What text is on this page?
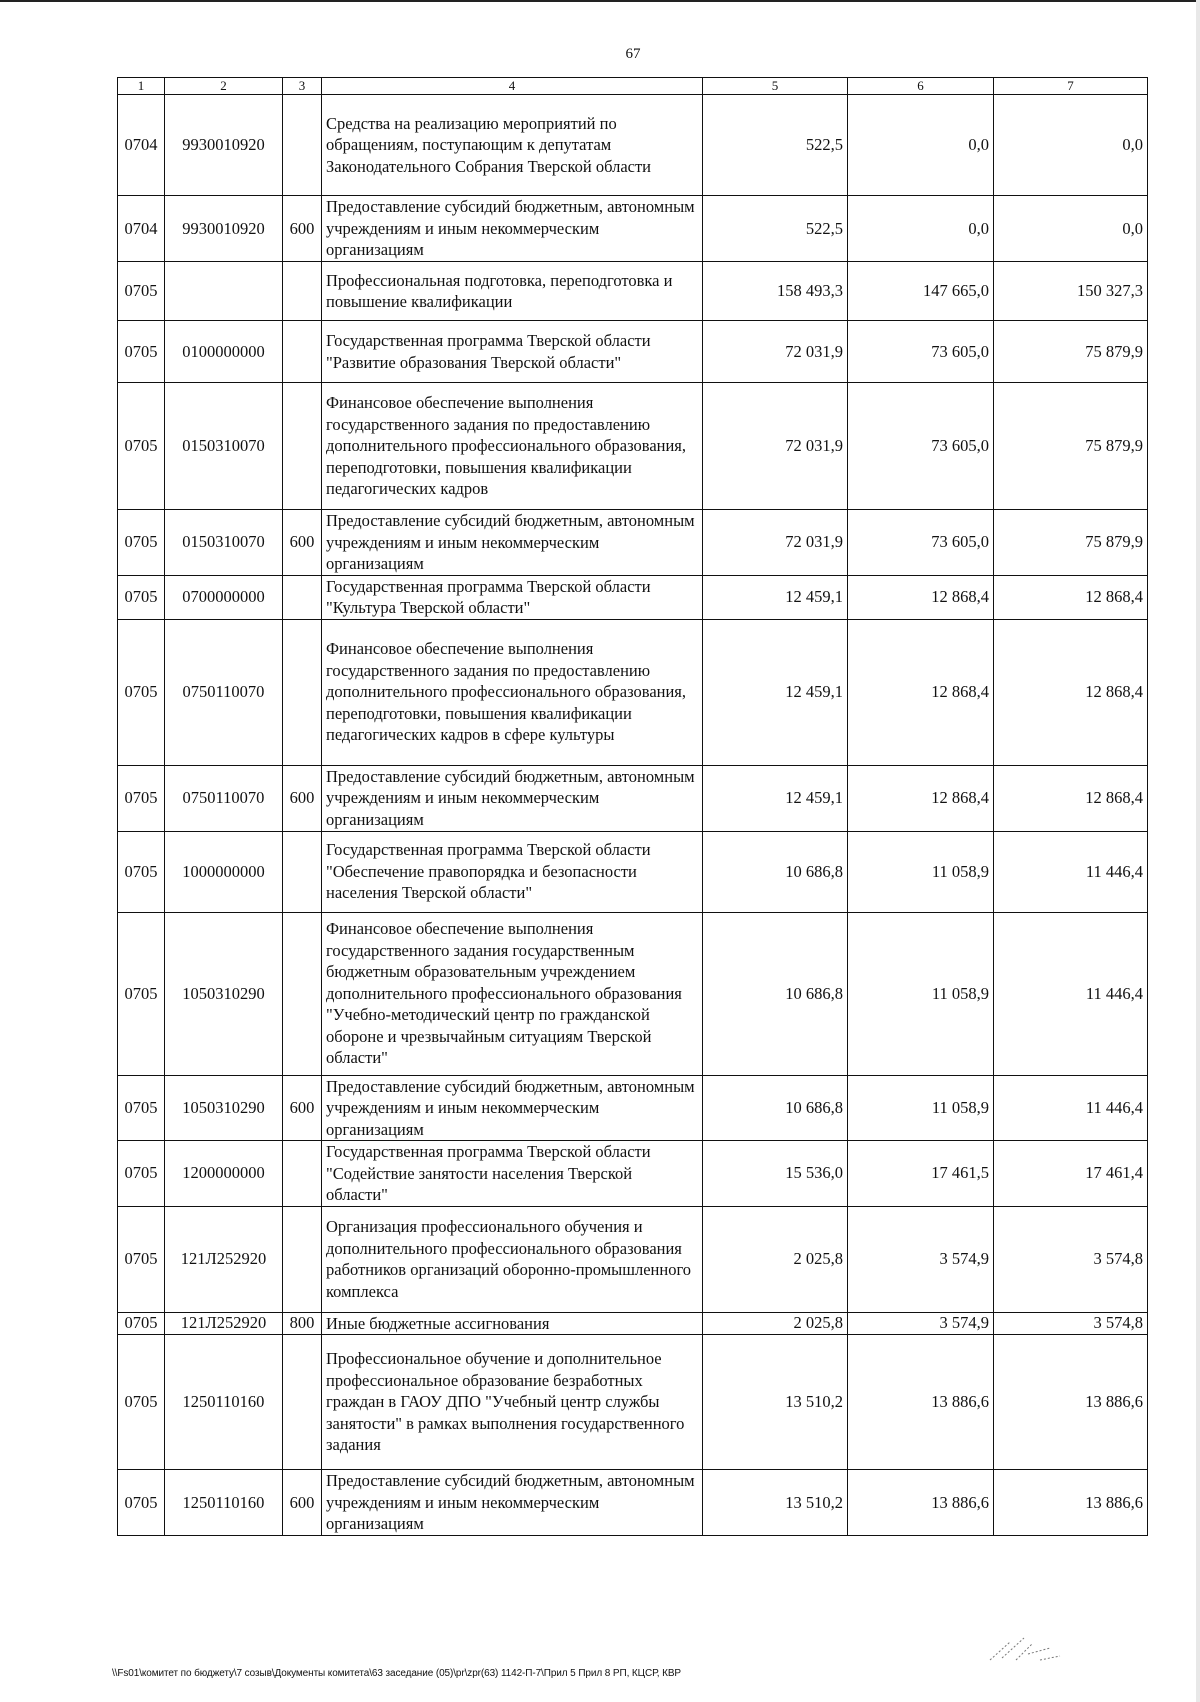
67
1	2	3	4	5	6	7
0704	9930010920		Средства на реализацию мероприятий по обращениям, поступающим к депутатам Законодательного Собрания Тверской области	522,5	0,0	0,0
0704	9930010920	600	Предоставление субсидий бюджетным, автономным учреждениям и иным некоммерческим организациям	522,5	0,0	0,0
0705			Профессиональная подготовка, переподготовка и повышение квалификации	158 493,3	147 665,0	150 327,3
0705	0100000000		Государственная программа Тверской области "Развитие образования Тверской области"	72 031,9	73 605,0	75 879,9
0705	0150310070		Финансовое обеспечение выполнения государственного задания по предоставлению дополнительного профессионального образования, переподготовки, повышения квалификации педагогических кадров	72 031,9	73 605,0	75 879,9
0705	0150310070	600	Предоставление субсидий бюджетным, автономным учреждениям и иным некоммерческим организациям	72 031,9	73 605,0	75 879,9
0705	0700000000		Государственная программа Тверской области "Культура Тверской области"	12 459,1	12 868,4	12 868,4
0705	0750110070		Финансовое обеспечение выполнения государственного задания по предоставлению дополнительного профессионального образования, переподготовки, повышения квалификации педагогических кадров в сфере культуры	12 459,1	12 868,4	12 868,4
0705	0750110070	600	Предоставление субсидий бюджетным, автономным учреждениям и иным некоммерческим организациям	12 459,1	12 868,4	12 868,4
0705	1000000000		Государственная программа Тверской области "Обеспечение правопорядка и безопасности населения Тверской области"	10 686,8	11 058,9	11 446,4
0705	1050310290		Финансовое обеспечение выполнения государственного задания государственным бюджетным образовательным учреждением дополнительного профессионального образования "Учебно-методический центр по гражданской обороне и чрезвычайным ситуациям Тверской области"	10 686,8	11 058,9	11 446,4
0705	1050310290	600	Предоставление субсидий бюджетным, автономным учреждениям и иным некоммерческим организациям	10 686,8	11 058,9	11 446,4
0705	1200000000		Государственная программа Тверской области "Содействие занятости населения Тверской области"	15 536,0	17 461,5	17 461,4
0705	121Л252920		Организация профессионального обучения и дополнительного профессионального образования работников организаций оборонно-промышленного комплекса	2 025,8	3 574,9	3 574,8
0705	121Л252920	800	Иные бюджетные ассигнования	2 025,8	3 574,9	3 574,8
0705	1250110160		Профессиональное обучение и дополнительное профессиональное образование безработных граждан в ГАОУ ДПО "Учебный центр службы занятости" в рамках выполнения государственного задания	13 510,2	13 886,6	13 886,6
0705	1250110160	600	Предоставление субсидий бюджетным, автономным учреждениям и иным некоммерческим организациям	13 510,2	13 886,6	13 886,6
\\Fs01\комитет по бюджету\7 созыв\Документы комитета\63 заседание (05)\pr\zpr(63) 1142-П-7\Прил 5 Прил 8 РП, КЦСР, КВР
